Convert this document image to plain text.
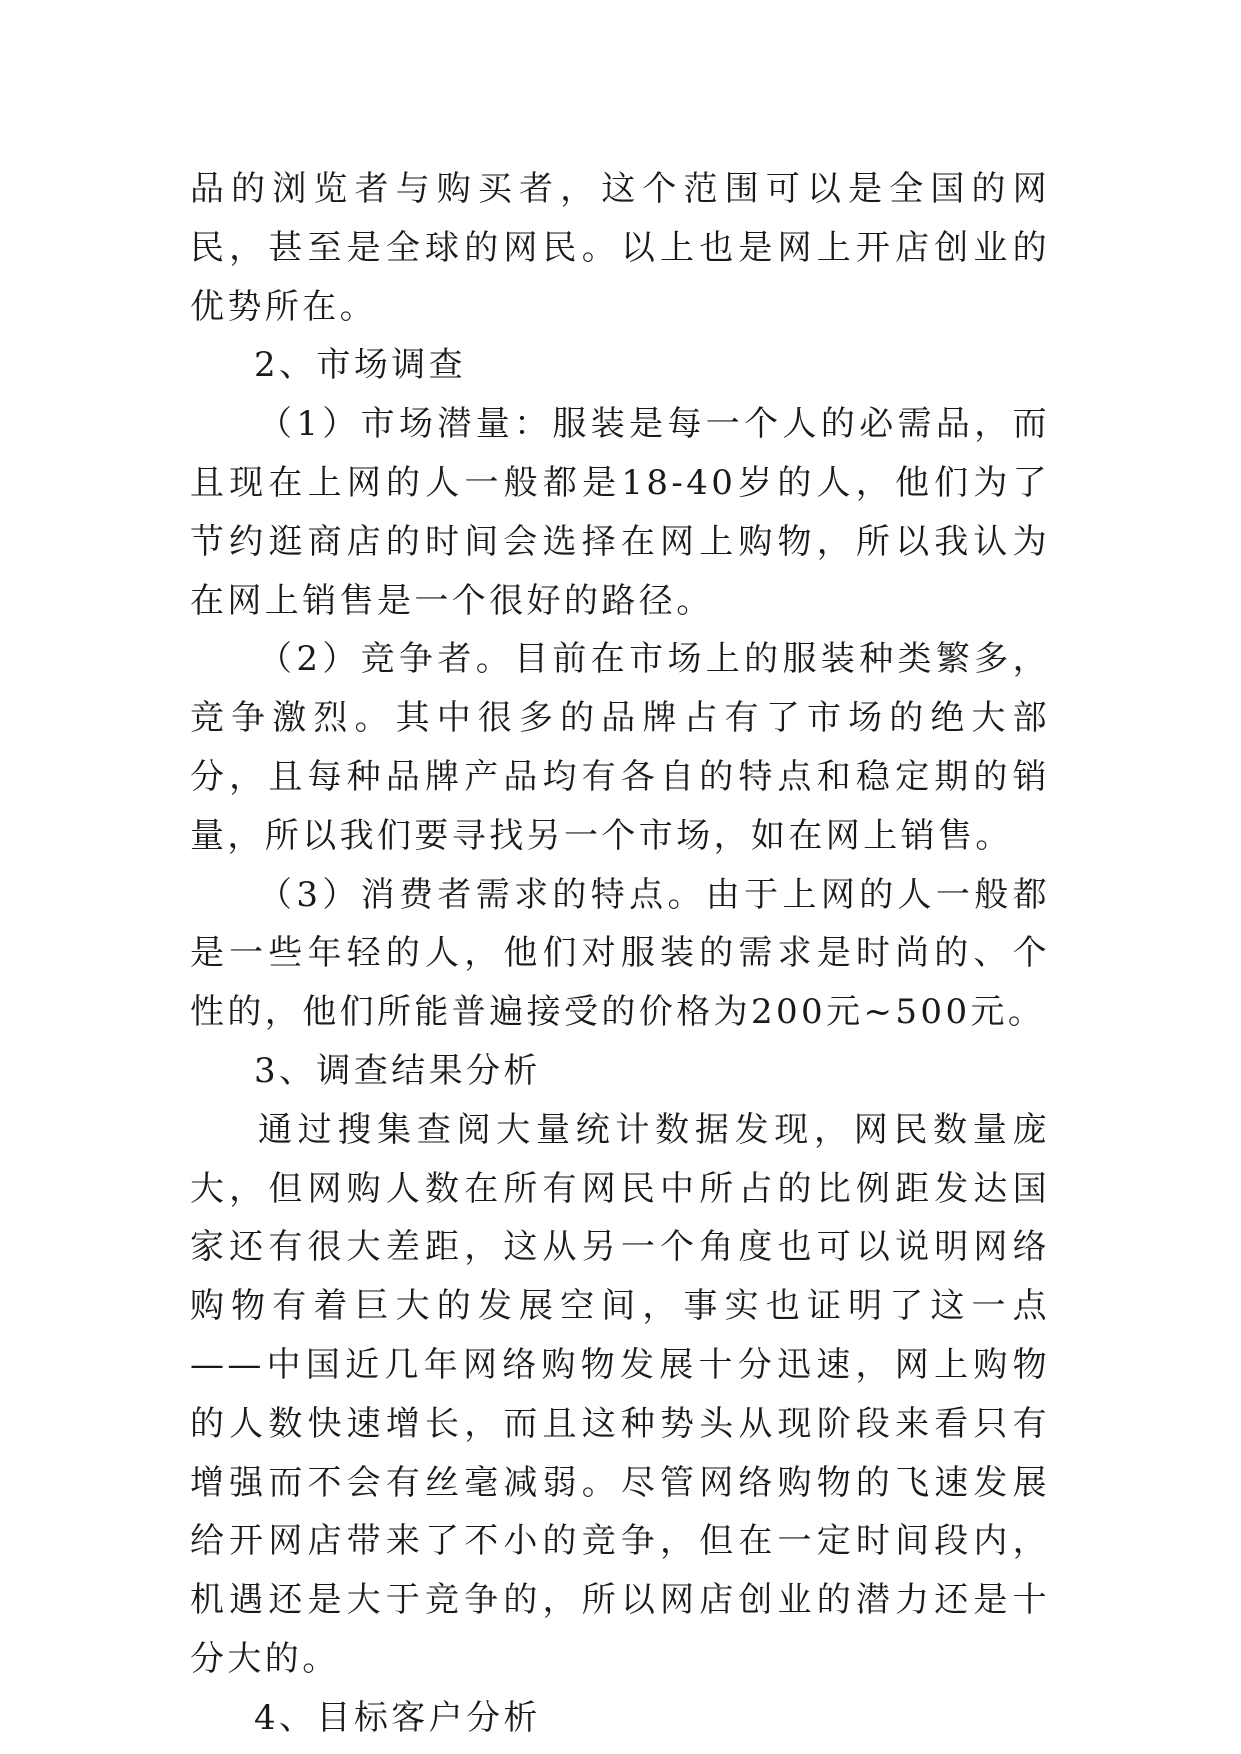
品的浏览者与购买者，这个范围可以是全国的网民，甚至是全球的网民。以上也是网上开店创业的优势所在。

2、市场调查

（1）市场潜量：服装是每一个人的必需品，而且现在上网的人一般都是18-40岁的人，他们为了节约逛商店的时间会选择在网上购物，所以我认为在网上销售是一个很好的路径。

（2）竞争者。目前在市场上的服装种类繁多，竞争激烈。其中很多的品牌占有了市场的绝大部分，且每种品牌产品均有各自的特点和稳定期的销量，所以我们要寻找另一个市场，如在网上销售。

（3）消费者需求的特点。由于上网的人一般都是一些年轻的人，他们对服装的需求是时尚的、个性的，他们所能普遍接受的价格为200元~500元。

3、调查结果分析

通过搜集查阅大量统计数据发现，网民数量庞大，但网购人数在所有网民中所占的比例距发达国家还有很大差距，这从另一个角度也可以说明网络购物有着巨大的发展空间，事实也证明了这一点——中国近几年网络购物发展十分迅速，网上购物的人数快速增长，而且这种势头从现阶段来看只有增强而不会有丝毫减弱。尽管网络购物的飞速发展给开网店带来了不小的竞争，但在一定时间段内，机遇还是大于竞争的，所以网店创业的潜力还是十分大的。

4、目标客户分析
